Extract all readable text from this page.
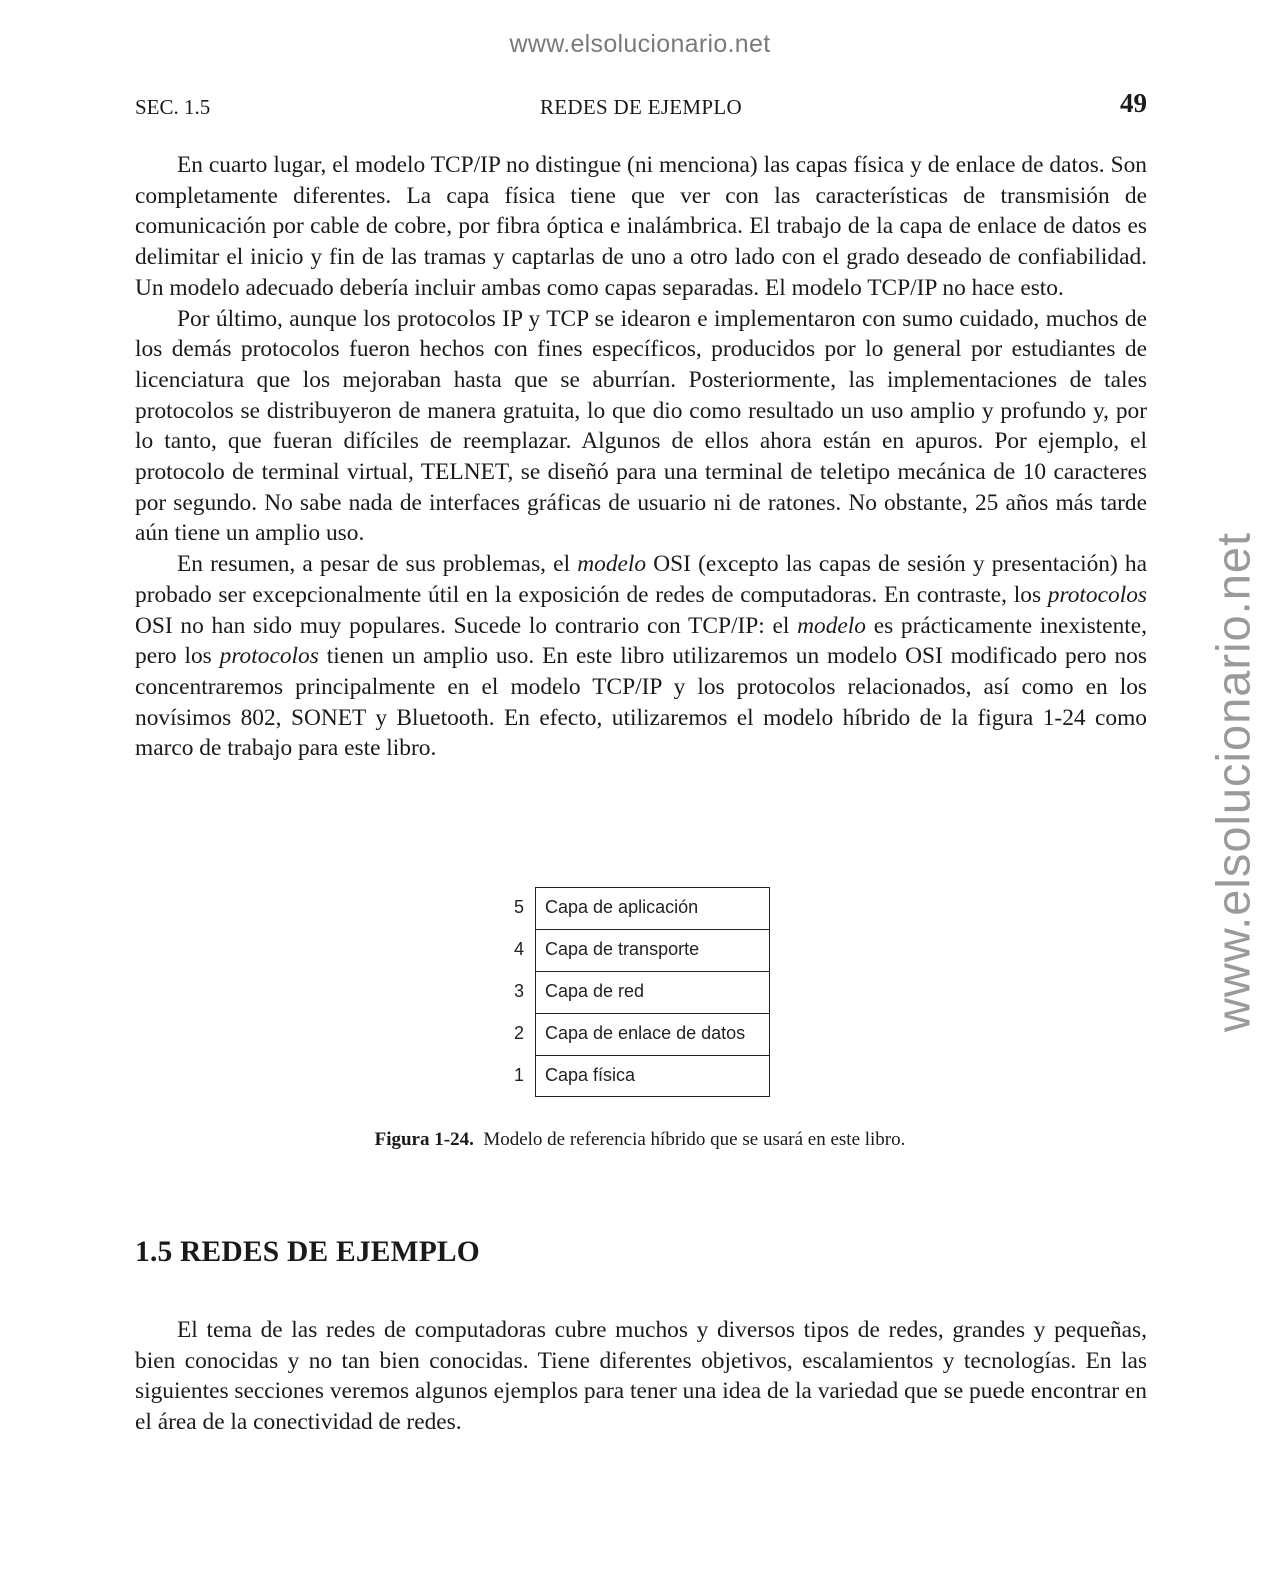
www.elsolucionario.net
www.elsolucionario.net
SEC. 1.5	REDES DE EJEMPLO	49

En cuarto lugar, el modelo TCP/IP no distingue (ni menciona) las capas física y de enlace de datos. Son completamente diferentes. La capa física tiene que ver con las características de transmisión de comunicación por cable de cobre, por fibra óptica e inalámbrica. El trabajo de la capa de enlace de datos es delimitar el inicio y fin de las tramas y captarlas de uno a otro lado con el grado deseado de confiabilidad. Un modelo adecuado debería incluir ambas como capas separadas. El modelo TCP/IP no hace esto.

Por último, aunque los protocolos IP y TCP se idearon e implementaron con sumo cuidado, muchos de los demás protocolos fueron hechos con fines específicos, producidos por lo general por estudiantes de licenciatura que los mejoraban hasta que se aburrían. Posteriormente, las implementaciones de tales protocolos se distribuyeron de manera gratuita, lo que dio como resultado un uso amplio y profundo y, por lo tanto, que fueran difíciles de reemplazar. Algunos de ellos ahora están en apuros. Por ejemplo, el protocolo de terminal virtual, TELNET, se diseñó para una terminal de teletipo mecánica de 10 caracteres por segundo. No sabe nada de interfaces gráficas de usuario ni de ratones. No obstante, 25 años más tarde aún tiene un amplio uso.

En resumen, a pesar de sus problemas, el modelo OSI (excepto las capas de sesión y presentación) ha probado ser excepcionalmente útil en la exposición de redes de computadoras. En contraste, los protocolos OSI no han sido muy populares. Sucede lo contrario con TCP/IP: el modelo es prácticamente inexistente, pero los protocolos tienen un amplio uso. En este libro utilizaremos un modelo OSI modificado pero nos concentraremos principalmente en el modelo TCP/IP y los protocolos relacionados, así como en los novísimos 802, SONET y Bluetooth. En efecto, utilizaremos el modelo híbrido de la figura 1-24 como marco de trabajo para este libro.

5 Capa de aplicación
4 Capa de transporte
3 Capa de red
2 Capa de enlace de datos
1 Capa física
Figura 1-24. Modelo de referencia híbrido que se usará en este libro.
1.5 REDES DE EJEMPLO

El tema de las redes de computadoras cubre muchos y diversos tipos de redes, grandes y pequeñas, bien conocidas y no tan bien conocidas. Tiene diferentes objetivos, escalamientos y tecnologías. En las siguientes secciones veremos algunos ejemplos para tener una idea de la variedad que se puede encontrar en el área de la conectividad de redes.
